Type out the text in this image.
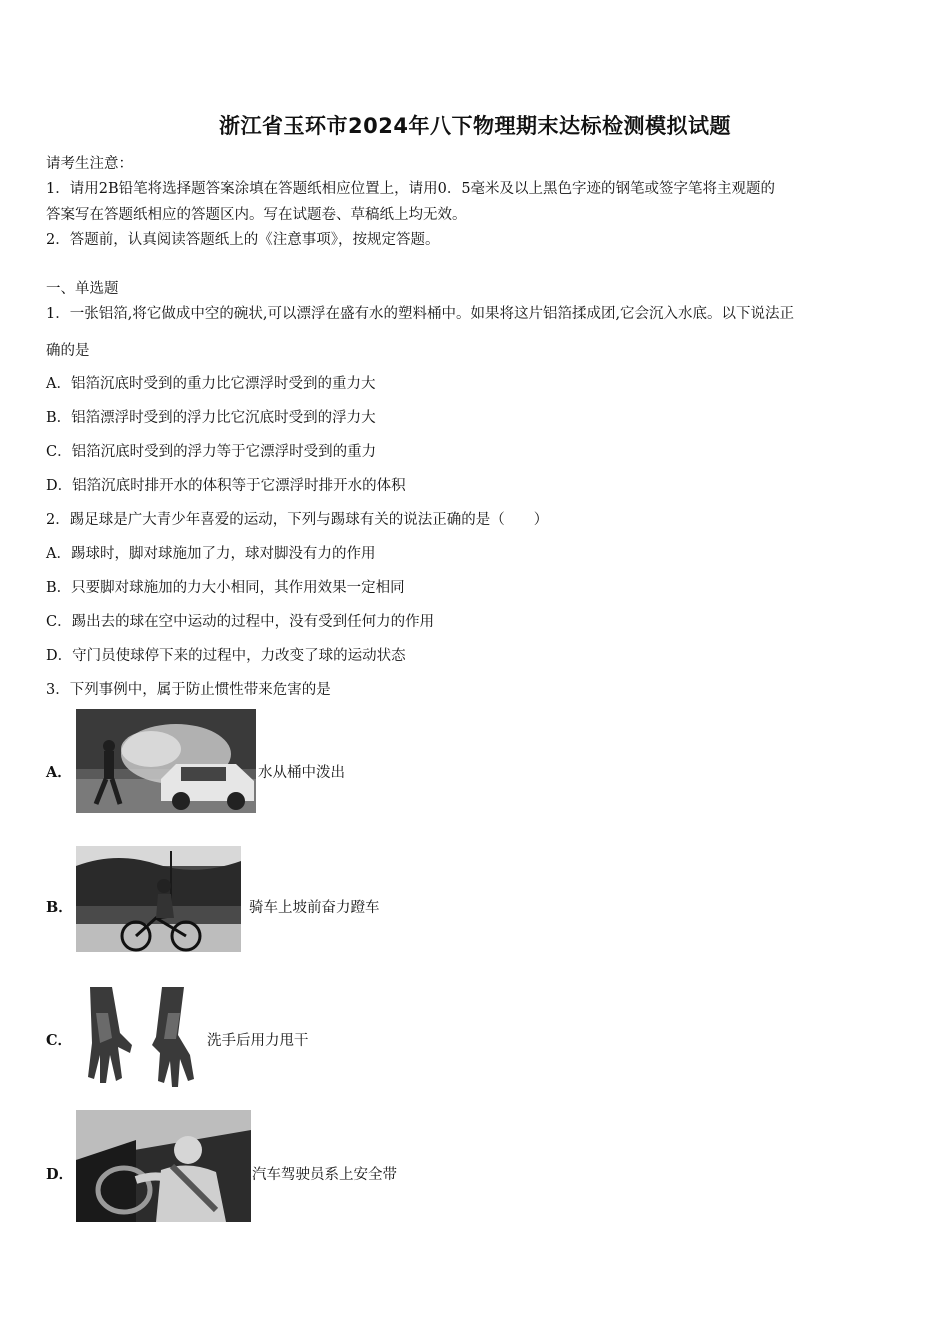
浙江省玉环市2024年八下物理期末达标检测模拟试题
请考生注意：
1．请用2B铅笔将选择题答案涂填在答题纸相应位置上，请用0．5毫米及以上黑色字迹的钢笔或签字笔将主观题的
答案写在答题纸相应的答题区内。写在试题卷、草稿纸上均无效。
2．答题前，认真阅读答题纸上的《注意事项》，按规定答题。
一、单选题
1．一张铝箔,将它做成中空的碗状,可以漂浮在盛有水的塑料桶中。如果将这片铝箔揉成团,它会沉入水底。以下说法正
确的是
A．铝箔沉底时受到的重力比它漂浮时受到的重力大
B．铝箔漂浮时受到的浮力比它沉底时受到的浮力大
C．铝箔沉底时受到的浮力等于它漂浮时受到的重力
D．铝箔沉底时排开水的体积等于它漂浮时排开水的体积
2．踢足球是广大青少年喜爱的运动，下列与踢球有关的说法正确的是（　　）
A．踢球时，脚对球施加了力，球对脚没有力的作用
B．只要脚对球施加的力大小相同，其作用效果一定相同
C．踢出去的球在空中运动的过程中，没有受到任何力的作用
D．守门员使球停下来的过程中，力改变了球的运动状态
3．下列事例中，属于防止惯性带来危害的是
A．	水从桶中泼出
B．	骑车上坡前奋力蹬车
C．	洗手后用力甩干
D．	汽车驾驶员系上安全带
